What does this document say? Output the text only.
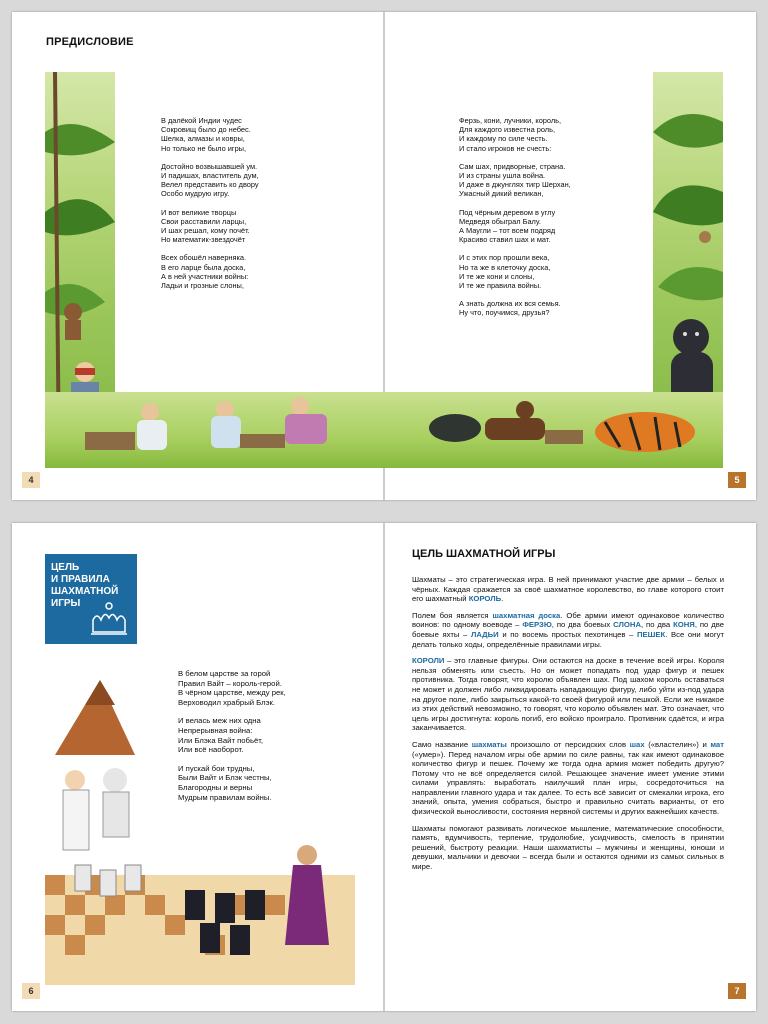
ПРЕДИСЛОВИЕ
В далёкой Индии чудес
Сокровищ было до небес.
Шелка, алмазы и ковры,
Но только не было игры,
Достойно возвышавшей ум.
И падишах, властитель дум,
Велел представить ко двору
Особо мудрую игру.
И вот великие творцы
Свои расставили ларцы,
И шах решал, кому почёт.
Но математик-звездочёт
Всех обошёл наверняка.
В его ларце была доска,
А в ней участники войны:
Ладьи и грозные слоны,
Ферзь, кони, лучники, король,
Для каждого известна роль,
И каждому по силе честь.
И стало игроков не счесть:
Сам шах, придворные, страна.
И из страны ушла война.
И даже в джунглях тигр Шерхан,
Ужасный дикий великан,
Под чёрным деревом в углу
Медведя обыграл Балу.
А Маугли – тот всем подряд
Красиво ставил шах и мат.
И с этих пор прошли века,
Но та же в клеточку доска,
И те же кони и слоны,
И те же правила войны.
А знать должна их вся семья.
Ну что, поучимся, друзья?
4	5
ЦЕЛЬ
И ПРАВИЛА
ШАХМАТНОЙ
ИГРЫ
В белом царстве за горой
Правил Вайт – король-герой.
В чёрном царстве, между рек,
Верховодил храбрый Блэк.
И велась меж них одна
Непрерывная война:
Или Блэка Вайт побьёт,
Или всё наоборот.
И пускай бои трудны,
Были Вайт и Блэк честны,
Благородны и верны
Мудрым правилам войны.
ЦЕЛЬ ШАХМАТНОЙ ИГРЫ

Шахматы – это стратегическая игра. В ней принимают участие две армии – белых и чёрных. Каждая сражается за своё шахматное королевство, во главе которого стоит его шахматный КОРОЛЬ.

Полем боя является шахматная доска. Обе армии имеют одинаковое количество воинов: по одному воеводе – ФЕРЗЮ, по два боевых СЛОНА, по два КОНЯ, по две боевые яхты – ЛАДЬИ и по восемь простых пехотинцев – ПЕШЕК. Все они могут делать только ходы, определённые правилами игры.

КОРОЛИ – это главные фигуры. Они остаются на доске в течение всей игры. Короля нельзя обменять или съесть. Но он может попадать под удар фигур и пешек противника. Тогда говорят, что королю объявлен шах. Под шахом король оставаться не может и должен либо ликвидировать нападающую фигуру, либо уйти из-под удара на другое поле, либо закрыться какой-то своей фигурой или пешкой. Если же никакое из этих действий невозможно, то говорят, что королю объявлен мат. Это означает, что цель игры достигнута: король погиб, его войско проиграло. Противник сдаётся, и игра заканчивается.

Само название шахматы произошло от персидских слов шах («властелин») и мат («умер»). Перед началом игры обе армии по силе равны, так как имеют одинаковое количество фигур и пешек. Почему же тогда одна армия может победить другую? Потому что не всё определяется силой. Решающее значение имеет умение этими силами управлять: выработать наилучший план игры, сосредоточиться на направлении главного удара и так далее. То есть всё зависит от смекалки игрока, его знаний, опыта, умения собраться, быстро и правильно считать варианты, от его физической выносливости, состояния нервной системы и других важнейших качеств.

Шахматы помогают развивать логическое мышление, математические способности, память, вдумчивость, терпение, трудолюбие, усидчивость, смелость в принятии решений, быстроту реакции. Наши шахматисты – мужчины и женщины, юноши и девушки, мальчики и девочки – всегда были и остаются одними из самых сильных в мире.

6	7
